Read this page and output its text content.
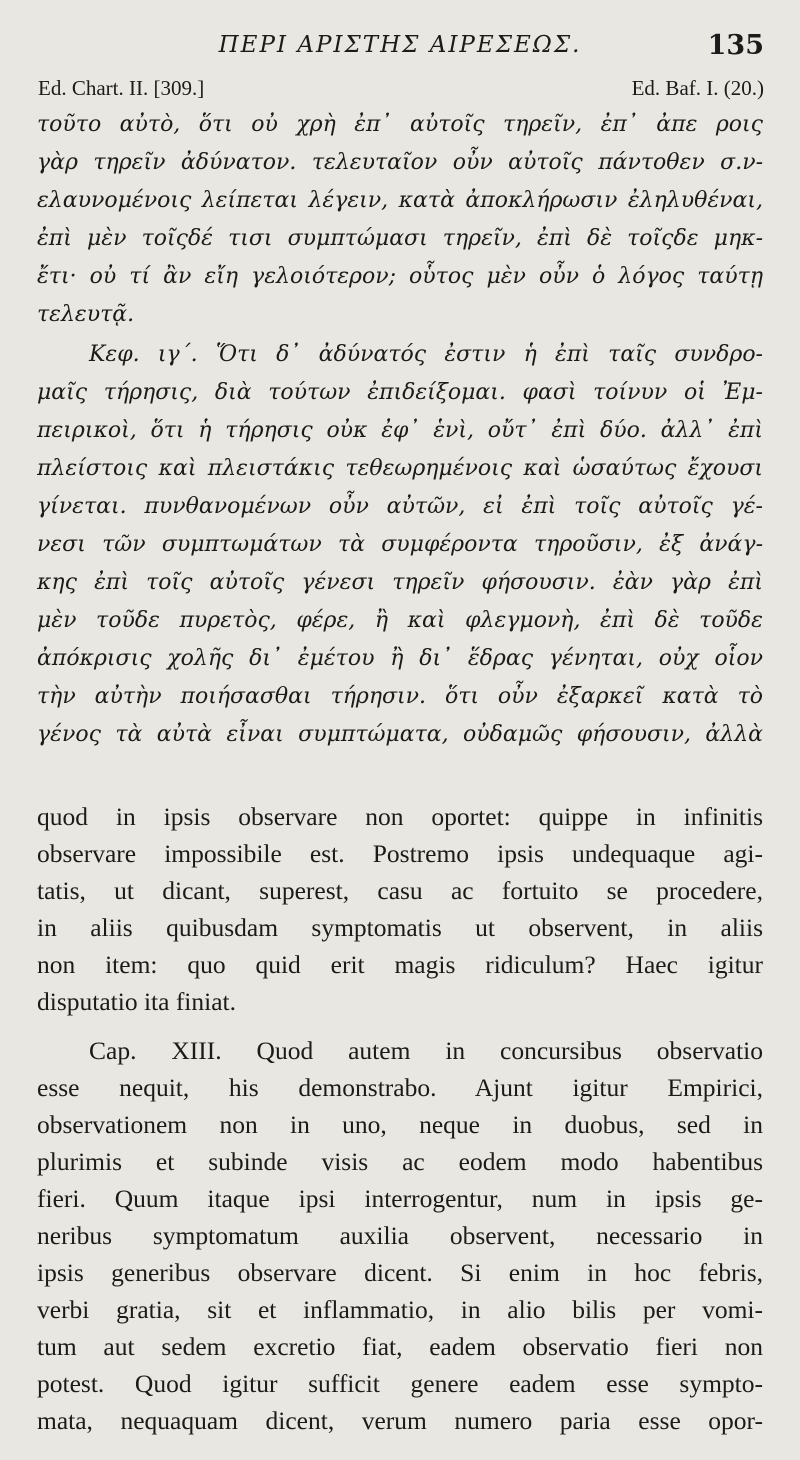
ΠΕΡΙ ΑΡΙΣΤΗΣ ΑΙΡΕΣΕΩΣ.	135
Ed. Chart. II. [309.]	Ed. Baf. I. (20.)
τοῦτο αὐτὸ, ὅτι οὐ χρὴ ἐπ᾿ αὐτοῖς τηρεῖν, ἐπ᾿ ἀπε ροις
γὰρ τηρεῖν ἀδύνατον. τελευταῖον οὖν αὐτοῖς πάντοθεν σ.ν-
ελαυνομένοις λείπεται λέγειν, κατὰ ἀποκλήρωσιν ἐληλυθέναι,
ἐπὶ μὲν τοῖςδέ τισι συμπτώμασι τηρεῖν, ἐπὶ δὲ τοῖςδε μηκ-
ἔτι· οὐ τί ἂν εἴη γελοιότερον; οὗτος μὲν οὖν ὁ λόγος ταύτῃ
τελευτᾷ.
Κεφ. ιγ΄. Ὅτι δ᾿ ἀδύνατός ἐστιν ἡ ἐπὶ ταῖς συνδρο-
μαῖς τήρησις, διὰ τούτων ἐπιδείξομαι. φασὶ τοίνυν οἱ Ἐμ-
πειρικοὶ, ὅτι ἡ τήρησις οὐκ ἐφ᾿ ἑνὶ, οὔτ᾿ ἐπὶ δύο. ἀλλ᾿ ἐπὶ
πλείστοις καὶ πλειστάκις τεθεωρημένοις καὶ ὡσαύτως ἔχουσι
γίνεται. πυνθανομένων οὖν αὐτῶν, εἰ ἐπὶ τοῖς αὐτοῖς γέ-
νεσι τῶν συμπτωμάτων τὰ συμφέροντα τηροῦσιν, ἐξ ἀνάγ-
κης ἐπὶ τοῖς αὐτοῖς γένεσι τηρεῖν φήσουσιν. ἐὰν γὰρ ἐπὶ
μὲν τοῦδε πυρετὸς, φέρε, ἢ καὶ φλεγμονὴ, ἐπὶ δὲ τοῦδε
ἀπόκρισις χολῆς δι᾿ ἐμέτου ἢ δι᾿ ἕδρας γένηται, οὐχ οἷον
τὴν αὐτὴν ποιήσασθαι τήρησιν. ὅτι οὖν ἐξαρκεῖ κατὰ τὸ
γένος τὰ αὐτὰ εἶναι συμπτώματα, οὐδαμῶς φήσουσιν, ἀλλὰ
quod in ipsis observare non oportet: quippe in infinitis
observare impossibile est. Postremo ipsis undequaque agi-
tatis, ut dicant, superest, casu ac fortuito se procedere,
in aliis quibusdam symptomatis ut observent, in aliis
non item: quo quid erit magis ridiculum? Haec igitur
disputatio ita finiat.
Cap. XIII. Quod autem in concursibus observatio
esse nequit, his demonstrabo. Ajunt igitur Empirici,
observationem non in uno, neque in duobus, sed in
plurimis et subinde visis ac eodem modo habentibus
fieri. Quum itaque ipsi interrogentur, num in ipsis ge-
neribus symptomatum auxilia observent, necessario in
ipsis generibus observare dicent. Si enim in hoc febris,
verbi gratia, sit et inflammatio, in alio bilis per vomi-
tum aut sedem excretio fiat, eadem observatio fieri non
potest. Quod igitur sufficit genere eadem esse sympto-
mata, nequaquam dicent, verum numero paria esse opor-
